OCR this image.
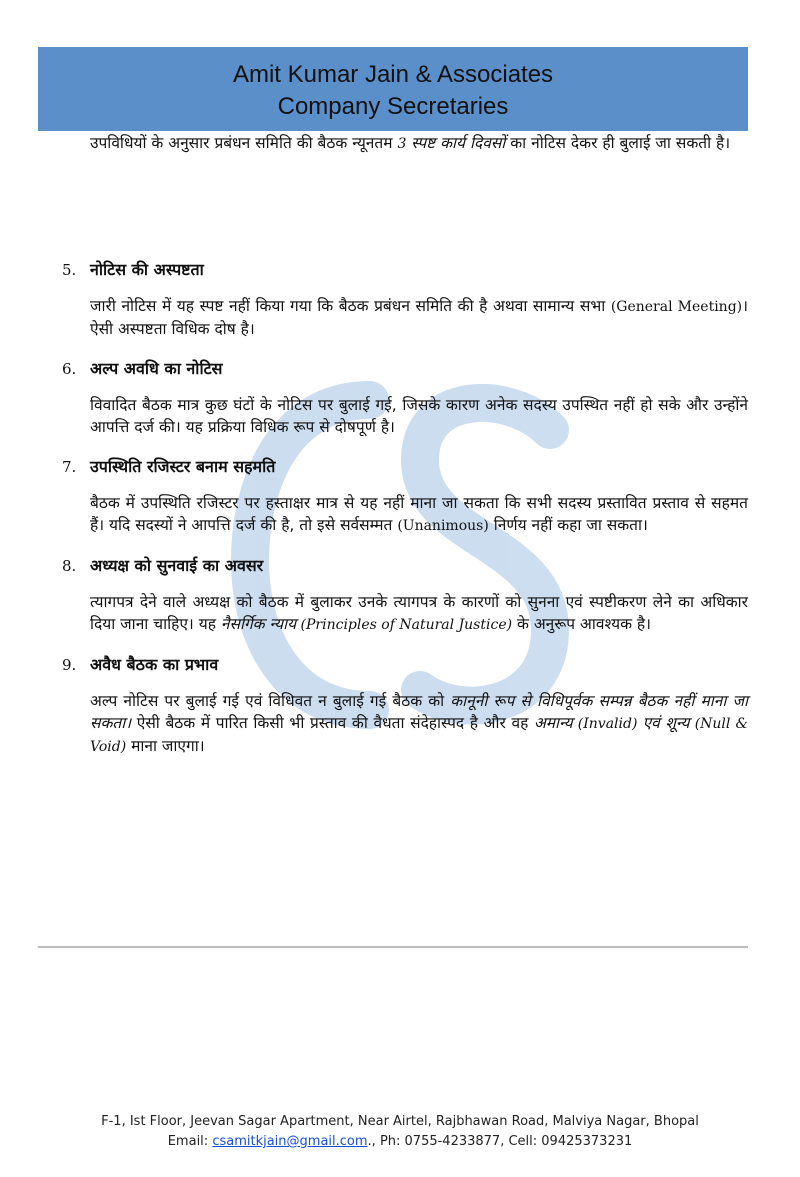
Amit Kumar Jain & Associates
Company Secretaries

उपविधियों के अनुसार प्रबंधन समिति की बैठक न्यूनतम 3 स्पष्ट कार्य दिवसों का नोटिस देकर ही बुलाई जा सकती है।

5. नोटिस की अस्पष्टता

जारी नोटिस में यह स्पष्ट नहीं किया गया कि बैठक प्रबंधन समिति की है अथवा सामान्य सभा (General Meeting)। ऐसी अस्पष्टता विधिक दोष है।

6. अल्प अवधि का नोटिस

विवादित बैठक मात्र कुछ घंटों के नोटिस पर बुलाई गई, जिसके कारण अनेक सदस्य उपस्थित नहीं हो सके और उन्होंने आपत्ति दर्ज की। यह प्रक्रिया विधिक रूप से दोषपूर्ण है।

7. उपस्थिति रजिस्टर बनाम सहमति

बैठक में उपस्थिति रजिस्टर पर हस्ताक्षर मात्र से यह नहीं माना जा सकता कि सभी सदस्य प्रस्तावित प्रस्ताव से सहमत हैं। यदि सदस्यों ने आपत्ति दर्ज की है, तो इसे सर्वसम्मत (Unanimous) निर्णय नहीं कहा जा सकता।

8. अध्यक्ष को सुनवाई का अवसर

त्यागपत्र देने वाले अध्यक्ष को बैठक में बुलाकर उनके त्यागपत्र के कारणों को सुनना एवं स्पष्टीकरण लेने का अधिकार दिया जाना चाहिए। यह नैसर्गिक न्याय (Principles of Natural Justice) के अनुरूप आवश्यक है।

9. अवैध बैठक का प्रभाव

अल्प नोटिस पर बुलाई गई एवं विधिवत न बुलाई गई बैठक को कानूनी रूप से विधिपूर्वक सम्पन्न बैठक नहीं माना जा सकता। ऐसी बैठक में पारित किसी भी प्रस्ताव की वैधता संदेहास्पद है और वह अमान्य (Invalid) एवं शून्य (Null & Void) माना जाएगा।

F-1, Ist Floor, Jeevan Sagar Apartment, Near Airtel, Rajbhawan Road, Malviya Nagar, Bhopal
Email: csamitkjain@gmail.com., Ph: 0755-4233877, Cell: 09425373231
